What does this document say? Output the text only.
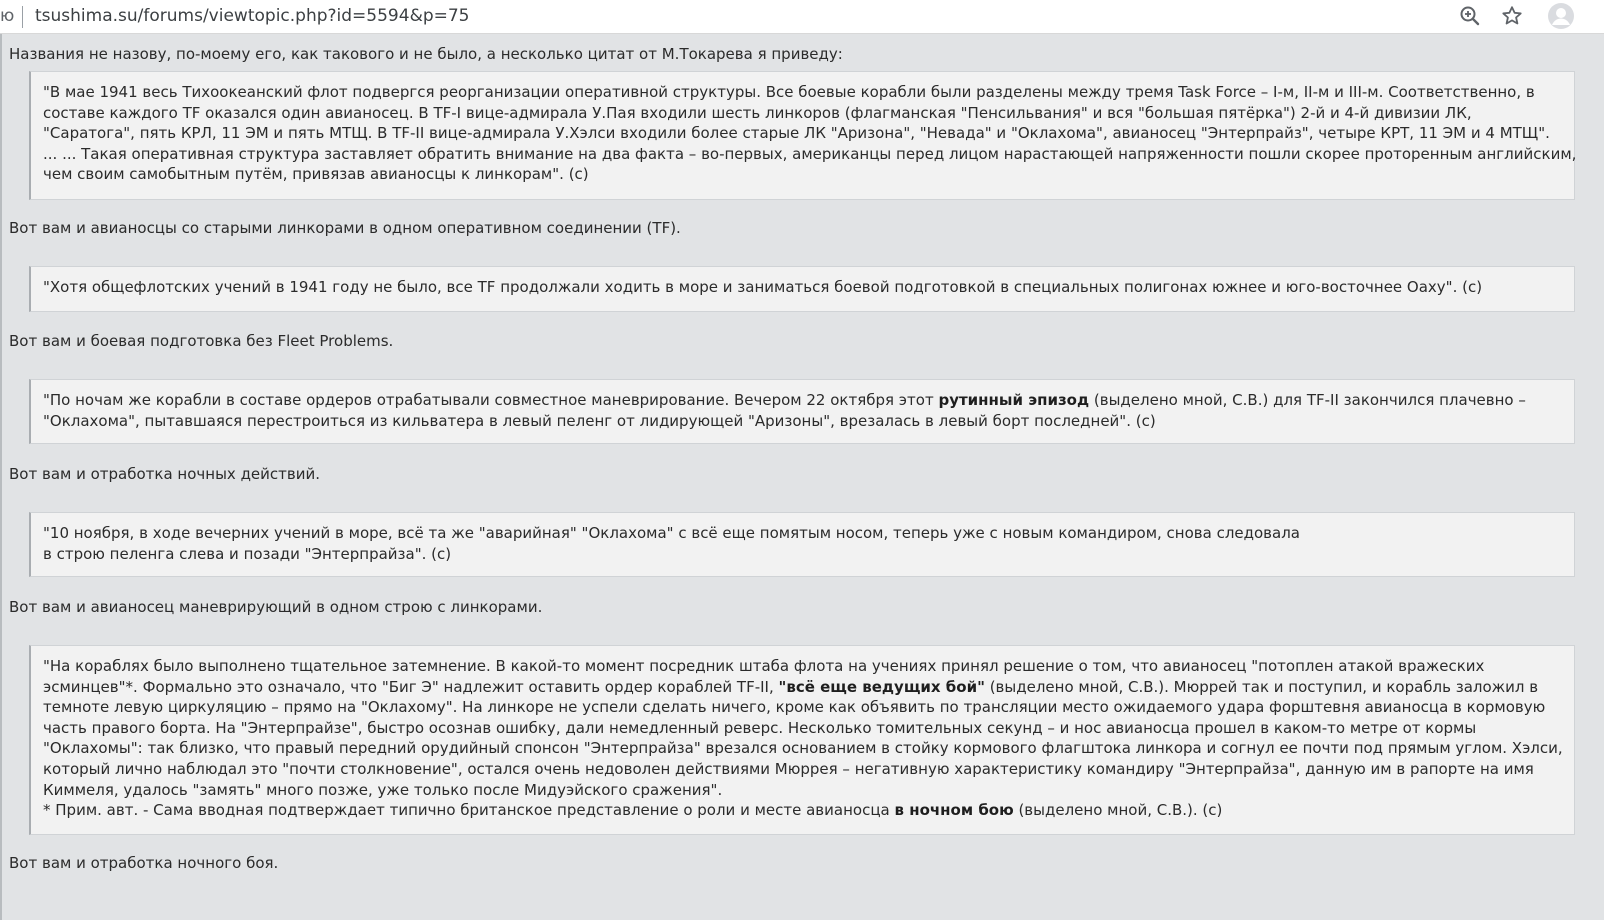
ю tsushima.su/forums/viewtopic.php?id=5594&p=75
Названия не назову, по-моему его, как такового и не было, а несколько цитат от М.Токарева я приведу:

"В мае 1941 весь Тихоокеанский флот подвергся реорганизации оперативной структуры. Все боевые корабли были разделены между тремя Task Force – I-м, II-м и III-м. Соответственно, в

составе каждого TF оказался один авианосец. В TF-I вице-адмирала У.Пая входили шесть линкоров (флагманская "Пенсильвания" и вся "большая пятёрка") 2-й и 4-й дивизии ЛК,

"Саратога", пять КРЛ, 11 ЭМ и пять МТЩ. В TF-II вице-адмирала У.Хэлси входили более старые ЛК "Аризона", "Невада" и "Оклахома", авианосец "Энтерпрайз", четыре КРТ, 11 ЭМ и 4 МТЩ".

... ... Такая оперативная структура заставляет обратить внимание на два факта – во-первых, американцы перед лицом нарастающей напряженности пошли скорее проторенным английским,

чем своим самобытным путём, привязав авианосцы к линкорам". (с)

Вот вам и авианосцы со старыми линкорами в одном оперативном соединении (TF).

"Хотя общефлотских учений в 1941 году не было, все TF продолжали ходить в море и заниматься боевой подготовкой в специальных полигонах южнее и юго-восточнее Оаху". (с)

Вот вам и боевая подготовка без Fleet Problems.

"По ночам же корабли в составе ордеров отрабатывали совместное маневрирование. Вечером 22 октября этот рутинный эпизод (выделено мной, С.В.) для TF-II закончился плачевно –

"Оклахома", пытавшаяся перестроиться из кильватера в левый пеленг от лидирующей "Аризоны", врезалась в левый борт последней". (с)

Вот вам и отработка ночных действий.

"10 ноября, в ходе вечерних учений в море, всё та же "аварийная" "Оклахома" с всё еще помятым носом, теперь уже с новым командиром, снова следовала

в строю пеленга слева и позади "Энтерпрайза". (с)

Вот вам и авианосец маневрирующий в одном строю с линкорами.

"На кораблях было выполнено тщательное затемнение. В какой-то момент посредник штаба флота на учениях принял решение о том, что авианосец "потоплен атакой вражеских

эсминцев"*. Формально это означало, что "Биг Э" надлежит оставить ордер кораблей TF-II, "всё еще ведущих бой" (выделено мной, С.В.). Мюррей так и поступил, и корабль заложил в

темноте левую циркуляцию – прямо на "Оклахому". На линкоре не успели сделать ничего, кроме как объявить по трансляции место ожидаемого удара форштевня авианосца в кормовую

часть правого борта. На "Энтерпрайзе", быстро осознав ошибку, дали немедленный реверс. Несколько томительных секунд – и нос авианосца прошел в каком-то метре от кормы

"Оклахомы": так близко, что правый передний орудийный спонсон "Энтерпрайза" врезался основанием в стойку кормового флагштока линкора и согнул ее почти под прямым углом. Хэлси,

который лично наблюдал это "почти столкновение", остался очень недоволен действиями Мюррея – негативную характеристику командиру "Энтерпрайза", данную им в рапорте на имя

Киммеля, удалось "замять" много позже, уже только после Мидуэйского сражения".

* Прим. авт. - Сама вводная подтверждает типично британское представление о роли и месте авианосца в ночном бою (выделено мной, С.В.). (с)

Вот вам и отработка ночного боя.
